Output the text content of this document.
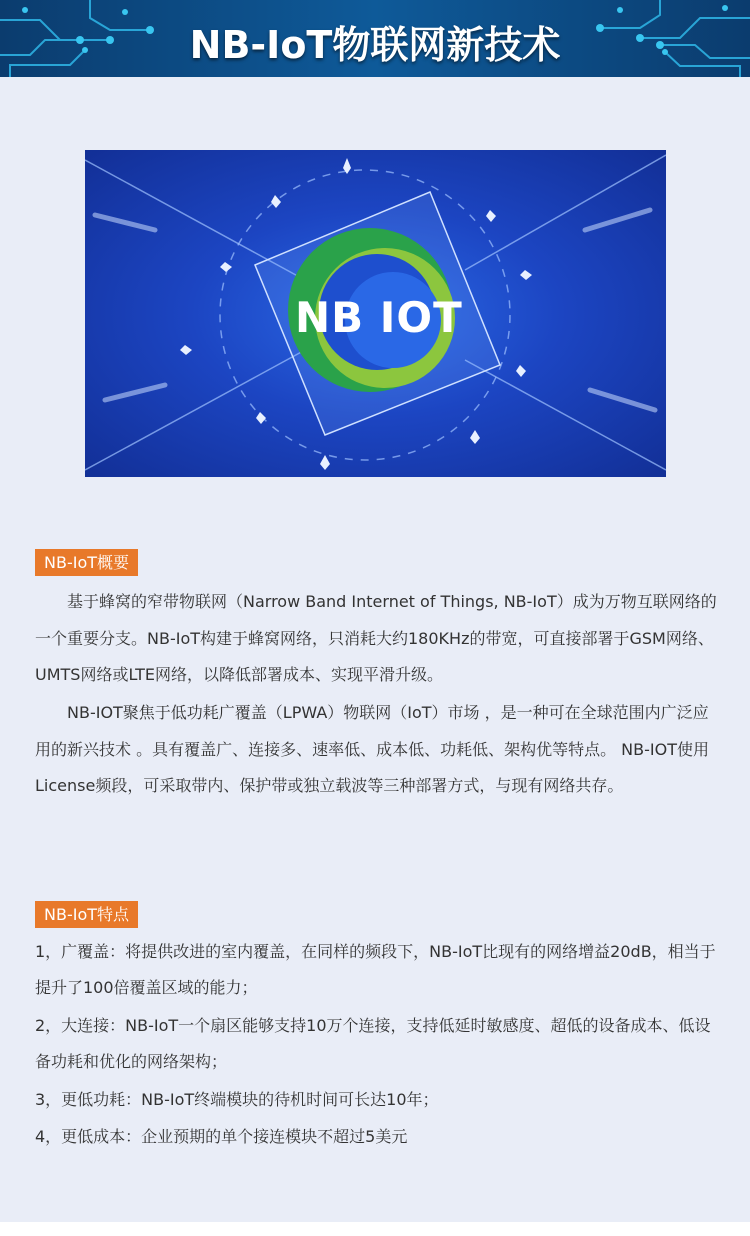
NB-IoT物联网新技术
NB IOT
NB-IoT概要

基于蜂窝的窄带物联网（Narrow Band Internet of Things, NB-IoT）成为万物互联网络的一个重要分支。NB-IoT构建于蜂窝网络，只消耗大约180KHz的带宽，可直接部署于GSM网络、UMTS网络或LTE网络，以降低部署成本、实现平滑升级。

NB-IOT聚焦于低功耗广覆盖（LPWA）物联网（IoT）市场 ，是一种可在全球范围内广泛应用的新兴技术 。具有覆盖广、连接多、速率低、成本低、功耗低、架构优等特点。 NB-IOT使用License频段，可采取带内、保护带或独立载波等三种部署方式，与现有网络共存。

NB-IoT特点

1，广覆盖：将提供改进的室内覆盖，在同样的频段下，NB-IoT比现有的网络增益20dB，相当于提升了100倍覆盖区域的能力；

2，大连接：NB-IoT一个扇区能够支持10万个连接，支持低延时敏感度、超低的设备成本、低设备功耗和优化的网络架构；

3，更低功耗：NB-IoT终端模块的待机时间可长达10年；

4，更低成本：企业预期的单个接连模块不超过5美元
